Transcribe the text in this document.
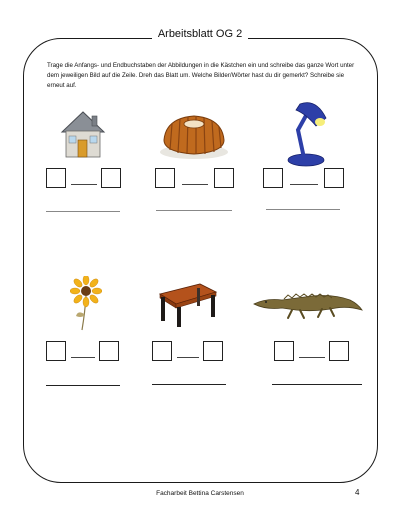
Arbeitsblatt OG 2

Trage die Anfangs- und Endbuchstaben der Abbildungen in die Kästchen ein und schreibe das ganze Wort unter dem jeweiligen Bild auf die Zeile. Dreh das Blatt um. Welche Bilder/Wörter hast du dir gemerkt? Schreibe sie erneut auf.

Facharbeit Bettina Carstensen	4
